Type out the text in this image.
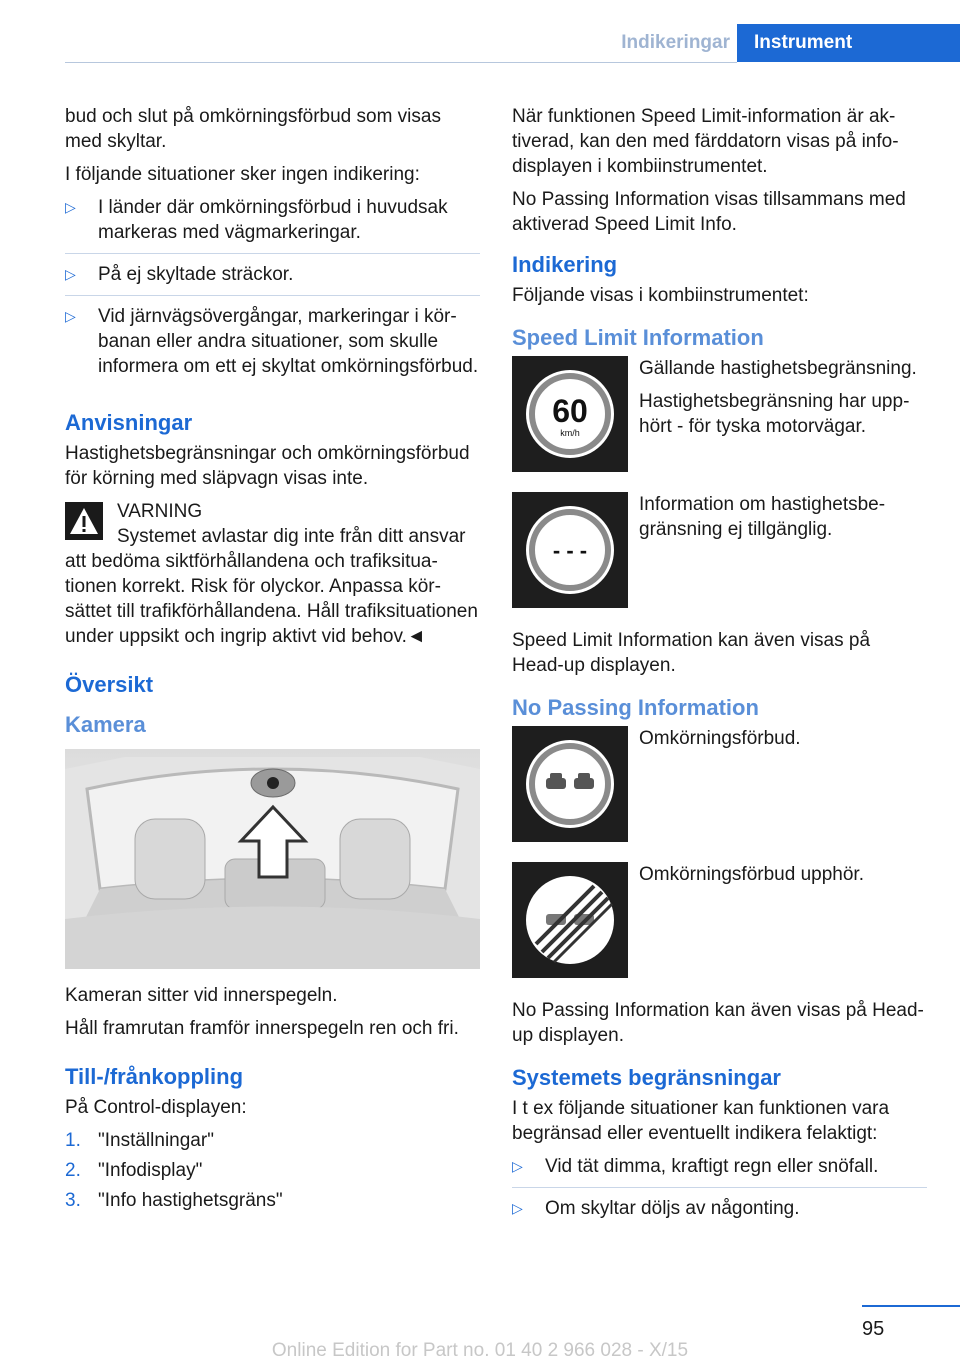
Indikeringar	Instrument

bud och slut på omkörningsförbud som visas med skyltar.

I följande situationer sker ingen indikering:

▷ I länder där omkörningsförbud i huvudsak markeras med vägmarkeringar.
▷ På ej skyltade sträckor.
▷ Vid järnvägsövergångar, markeringar i körbanan eller andra situationer, som skulle informera om ett ej skyltat omkörningsförbud.
Anvisningar

Hastighetsbegränsningar och omkörningsförbud för körning med släpvagn visas inte.

VARNING
Systemet avlastar dig inte från ditt ansvar
att bedöma siktförhållandena och trafiksituationen korrekt. Risk för olyckor. Anpassa körsättet till trafikförhållandena. Håll trafiksituationen under uppsikt och ingrip aktivt vid behov.◄
Översikt
Kamera

Kameran sitter vid innerspegeln.

Håll framrutan framför innerspegeln ren och fri.

Till-/frånkoppling

På Control-displayen:

1. "Inställningar"
2. "Infodisplay"
3. "Info hastighetsgräns"

När funktionen Speed Limit-information är aktiverad, kan den med färddatorn visas på infodisplayen i kombiinstrumentet.

No Passing Information visas tillsammans med aktiverad Speed Limit Info.

Indikering

Följande visas i kombiinstrumentet:

Speed Limit Information
60
km/h

Gällande hastighetsbegränsning.

Hastighetsbegränsning har upphört - för tyska motorvägar.

- - -

Information om hastighetsbegränsning ej tillgänglig.

Speed Limit Information kan även visas på Head-up displayen.

No Passing Information

Omkörningsförbud.

Omkörningsförbud upphör.

No Passing Information kan även visas på Head-up displayen.

Systemets begränsningar

I t ex följande situationer kan funktionen vara begränsad eller eventuellt indikera felaktigt:

▷ Vid tät dimma, kraftigt regn eller snöfall.
▷ Om skyltar döljs av någonting.
95
Online Edition for Part no. 01 40 2 966 028 - X/15
